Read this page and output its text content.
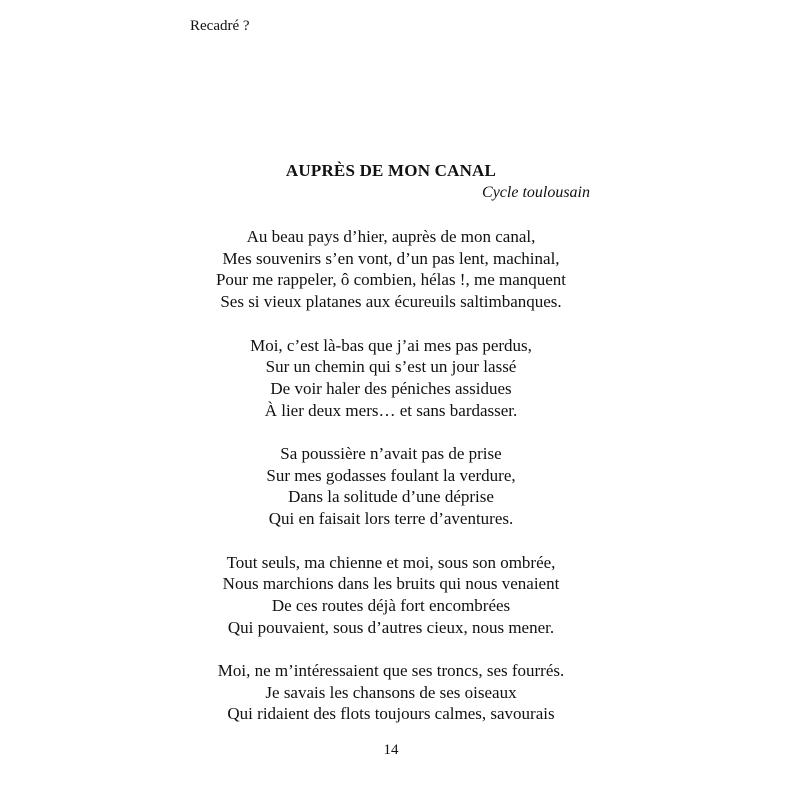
Recadré ?
AUPRÈS DE MON CANAL
Cycle toulousain
Au beau pays d’hier, auprès de mon canal,
Mes souvenirs s’en vont, d’un pas lent, machinal,
Pour me rappeler, ô combien, hélas !, me manquent
Ses si vieux platanes aux écureuils saltimbanques.
Moi, c’est là-bas que j’ai mes pas perdus,
Sur un chemin qui s’est un jour lassé
De voir haler des péniches assidues
À lier deux mers… et sans bardasser.
Sa poussière n’avait pas de prise
Sur mes godasses foulant la verdure,
Dans la solitude d’une déprise
Qui en faisait lors terre d’aventures.
Tout seuls, ma chienne et moi, sous son ombrée,
Nous marchions dans les bruits qui nous venaient
De ces routes déjà fort encombrées
Qui pouvaient, sous d’autres cieux, nous mener.
Moi, ne m’intéressaient que ses troncs, ses fourrés.
Je savais les chansons de ses oiseaux
Qui ridaient des flots toujours calmes, savourais
14
